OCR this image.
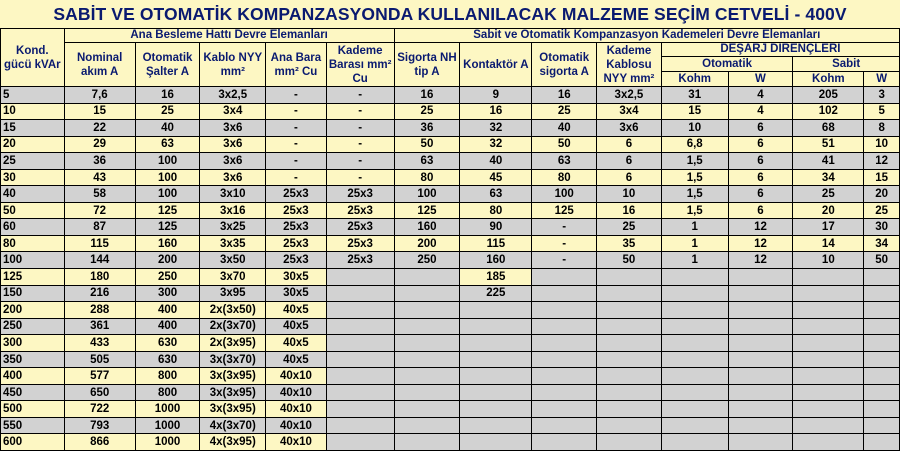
SABİT VE OTOMATİK KOMPANZASYONDA KULLANILACAK MALZEME SEÇİM CETVELİ - 400V
Kond. gücü kVAr	Ana Besleme Hattı Devre Elemanları					Sabit ve Otomatik Kompanzasyon Kademeleri Devre Elemanları							
	Nominal akım A	Otomatik Şalter A	Kablo NYY mm²	Ana Bara mm² Cu	Kademe Barası mm² Cu	Sigorta NH tip A	Kontaktör A	Otomatik sigorta A	Kademe Kablosu NYY mm²	DEŞARJ DİRENÇLERİ			
										Otomatik		Sabit	
										Kohm	W	Kohm	W
5	7,6	16	3x2,5	-	-	16	9	16	3x2,5	31	4	205	3
10	15	25	3x4	-	-	25	16	25	3x4	15	4	102	5
15	22	40	3x6	-	-	36	32	40	3x6	10	6	68	8
20	29	63	3x6	-	-	50	32	50	6	6,8	6	51	10
25	36	100	3x6	-	-	63	40	63	6	1,5	6	41	12
30	43	100	3x6	-	-	80	45	80	6	1,5	6	34	15
40	58	100	3x10	25x3	25x3	100	63	100	10	1,5	6	25	20
50	72	125	3x16	25x3	25x3	125	80	125	16	1,5	6	20	25
60	87	125	3x25	25x3	25x3	160	90	-	25	1	12	17	30
80	115	160	3x35	25x3	25x3	200	115	-	35	1	12	14	34
100	144	200	3x50	25x3	25x3	250	160	-	50	1	12	10	50
125	180	250	3x70	30x5			185						
150	216	300	3x95	30x5			225						
200	288	400	2x(3x50)	40x5									
250	361	400	2x(3x70)	40x5									
300	433	630	2x(3x95)	40x5									
350	505	630	3x(3x70)	40x5									
400	577	800	3x(3x95)	40x10									
450	650	800	3x(3x95)	40x10									
500	722	1000	3x(3x95)	40x10									
550	793	1000	4x(3x70)	40x10									
600	866	1000	4x(3x95)	40x10									
